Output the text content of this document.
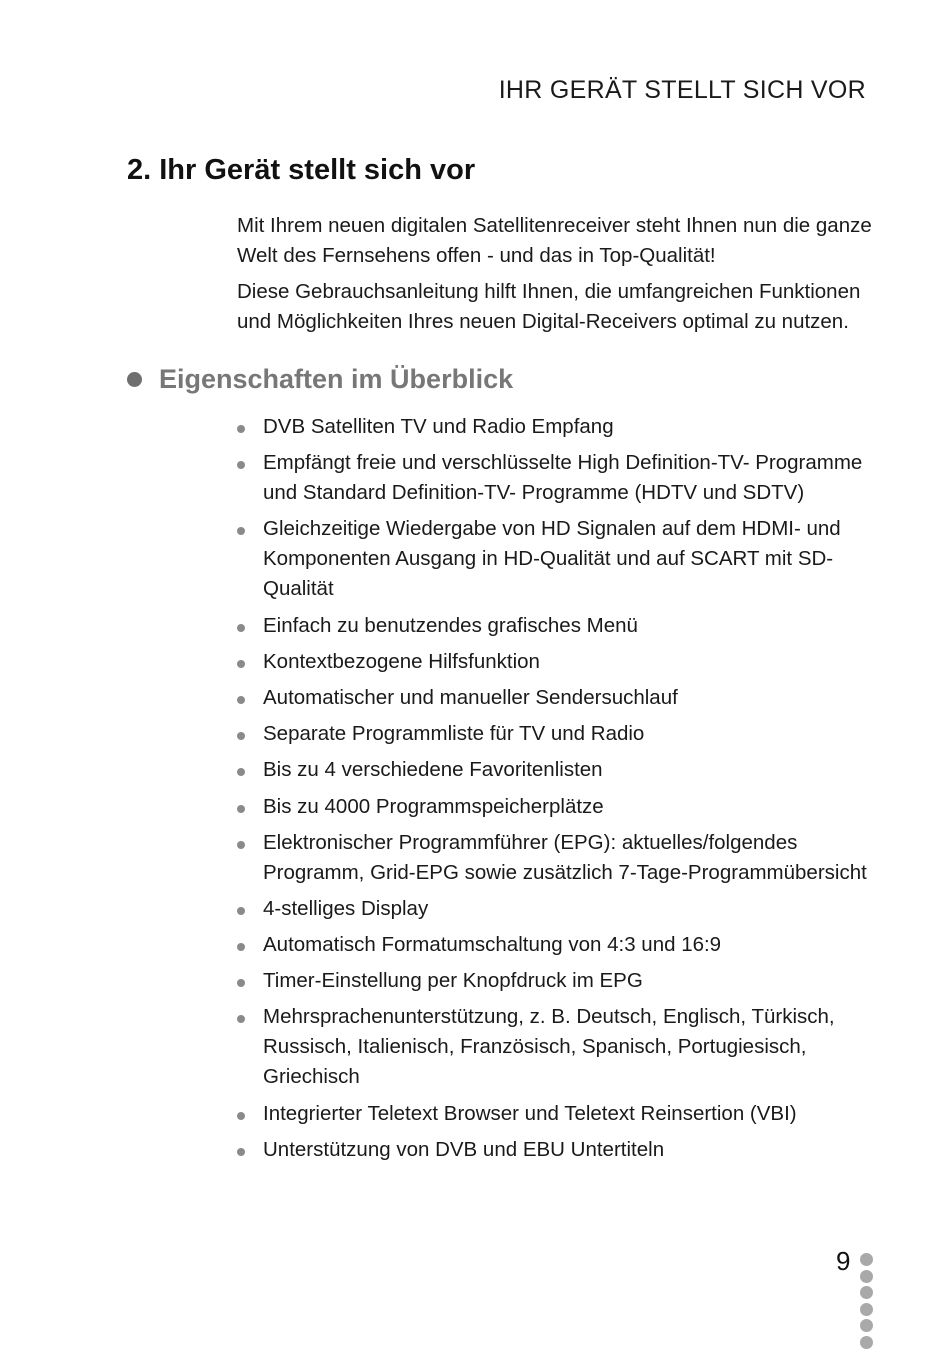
IHR GERÄT STELLT SICH VOR
2. Ihr Gerät stellt sich vor

Mit Ihrem neuen digitalen Satellitenreceiver steht Ihnen nun die ganze Welt des Fernsehens offen - und das in Top-Qualität!

Diese Gebrauchsanleitung hilft Ihnen, die umfangreichen Funktionen und Möglichkeiten Ihres neuen Digital-Receivers optimal zu nutzen.

Eigenschaften im Überblick
DVB Satelliten TV und Radio Empfang
Empfängt freie und verschlüsselte High Definition-TV- Programme und Standard Definition-TV- Programme (HDTV und SDTV)
Gleichzeitige Wiedergabe von HD Signalen auf dem HDMI- und Komponenten Ausgang in HD-Qualität und auf SCART mit SD-Qualität
Einfach zu benutzendes grafisches Menü
Kontextbezogene Hilfsfunktion
Automatischer und manueller Sendersuchlauf
Separate Programmliste für TV und Radio
Bis zu 4 verschiedene Favoritenlisten
Bis zu 4000 Programmspeicherplätze
Elektronischer Programmführer (EPG): aktuelles/folgendes Programm, Grid-EPG sowie zusätzlich 7-Tage-Programmübersicht
4-stelliges Display
Automatisch Formatumschaltung von 4:3 und 16:9
Timer-Einstellung per Knopfdruck im EPG
Mehrsprachenunterstützung, z. B. Deutsch, Englisch, Türkisch, Russisch, Italienisch, Französisch, Spanisch, Portugiesisch, Griechisch
Integrierter Teletext Browser und Teletext Reinsertion (VBI)
Unterstützung von DVB und EBU Untertiteln
9
